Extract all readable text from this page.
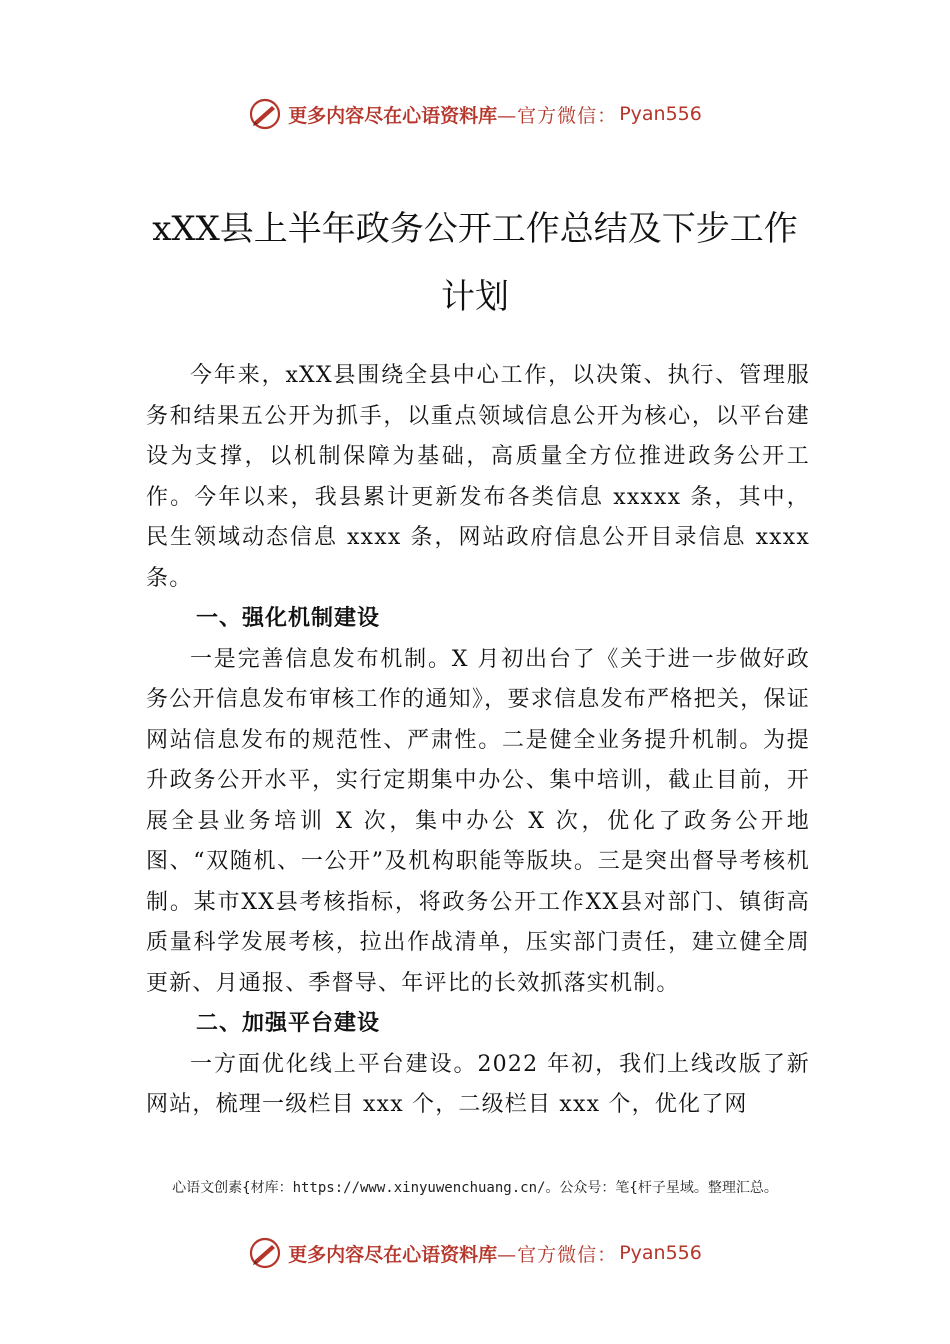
更多内容尽在心语资料库 —官方微信： Pyan556
xXX县上半年政务公开工作总结及下步工作计划

今年来，xXX县围绕全县中心工作，以决策、执行、管理服务和结果五公开为抓手，以重点领域信息公开为核心，以平台建设为支撑，以机制保障为基础，高质量全方位推进政务公开工作。今年以来，我县累计更新发布各类信息 xxxxx 条，其中，民生领域动态信息 xxxx 条，网站政府信息公开目录信息 xxxx 条。

一、强化机制建设

一是完善信息发布机制。X 月初出台了《关于进一步做好政务公开信息发布审核工作的通知》，要求信息发布严格把关，保证网站信息发布的规范性、严肃性。二是健全业务提升机制。为提升政务公开水平，实行定期集中办公、集中培训，截止目前，开展全县业务培训 X 次，集中办公 X 次，优化了政务公开地图、“双随机、一公开”及机构职能等版块。三是突出督导考核机制。某市XX县考核指标，将政务公开工作XX县对部门、镇街高质量科学发展考核，拉出作战清单，压实部门责任，建立健全周更新、月通报、季督导、年评比的长效抓落实机制。

二、加强平台建设

一方面优化线上平台建设。2022 年初，我们上线改版了新网站，梳理一级栏目 xxx 个，二级栏目 xxx 个，优化了网

心语文创素{材库：https://www.xinyuwenchuang.cn/。公众号：笔{杆子星域。整理汇总。
更多内容尽在心语资料库 —官方微信： Pyan556
